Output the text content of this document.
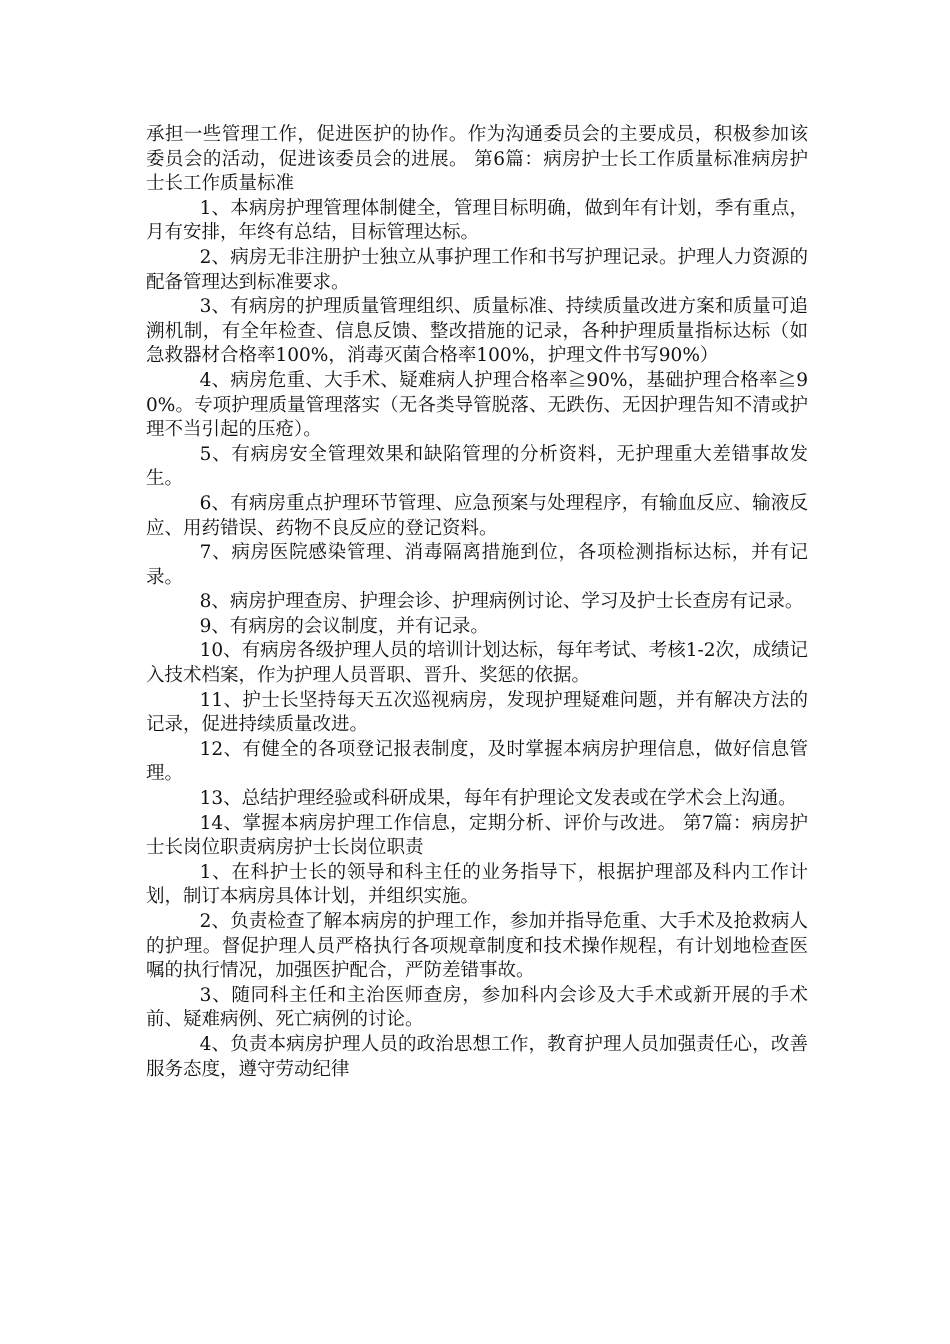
承担一些管理工作，促进医护的协作。作为沟通委员会的主要成员，积极参加该委员会的活动，促进该委员会的进展。 第6篇：病房护士长工作质量标准病房护士长工作质量标准

1、本病房护理管理体制健全，管理目标明确，做到年有计划，季有重点，月有安排，年终有总结，目标管理达标。

2、病房无非注册护士独立从事护理工作和书写护理记录。护理人力资源的配备管理达到标准要求。

3、有病房的护理质量管理组织、质量标准、持续质量改进方案和质量可追溯机制，有全年检查、信息反馈、整改措施的记录，各种护理质量指标达标（如急救器材合格率100%，消毒灭菌合格率100%，护理文件书写90%）

4、病房危重、大手术、疑难病人护理合格率≧90%，基础护理合格率≧90%。专项护理质量管理落实（无各类导管脱落、无跌伤、无因护理告知不清或护理不当引起的压疮）。

5、有病房安全管理效果和缺陷管理的分析资料，无护理重大差错事故发生。

6、有病房重点护理环节管理、应急预案与处理程序，有输血反应、输液反应、用药错误、药物不良反应的登记资料。

7、病房医院感染管理、消毒隔离措施到位，各项检测指标达标，并有记录。

8、病房护理查房、护理会诊、护理病例讨论、学习及护士长查房有记录。

9、有病房的会议制度，并有记录。

10、有病房各级护理人员的培训计划达标，每年考试、考核1-2次，成绩记入技术档案，作为护理人员晋职、晋升、奖惩的依据。

11、护士长坚持每天五次巡视病房，发现护理疑难问题，并有解决方法的记录，促进持续质量改进。

12、有健全的各项登记报表制度，及时掌握本病房护理信息，做好信息管理。

13、总结护理经验或科研成果，每年有护理论文发表或在学术会上沟通。

14、掌握本病房护理工作信息，定期分析、评价与改进。 第7篇：病房护士长岗位职责病房护士长岗位职责

1、在科护士长的领导和科主任的业务指导下，根据护理部及科内工作计划，制订本病房具体计划，并组织实施。

2、负责检查了解本病房的护理工作，参加并指导危重、大手术及抢救病人的护理。督促护理人员严格执行各项规章制度和技术操作规程，有计划地检查医嘱的执行情况，加强医护配合，严防差错事故。

3、随同科主任和主治医师查房，参加科内会诊及大手术或新开展的手术前、疑难病例、死亡病例的讨论。

4、负责本病房护理人员的政治思想工作，教育护理人员加强责任心，改善服务态度，遵守劳动纪律
